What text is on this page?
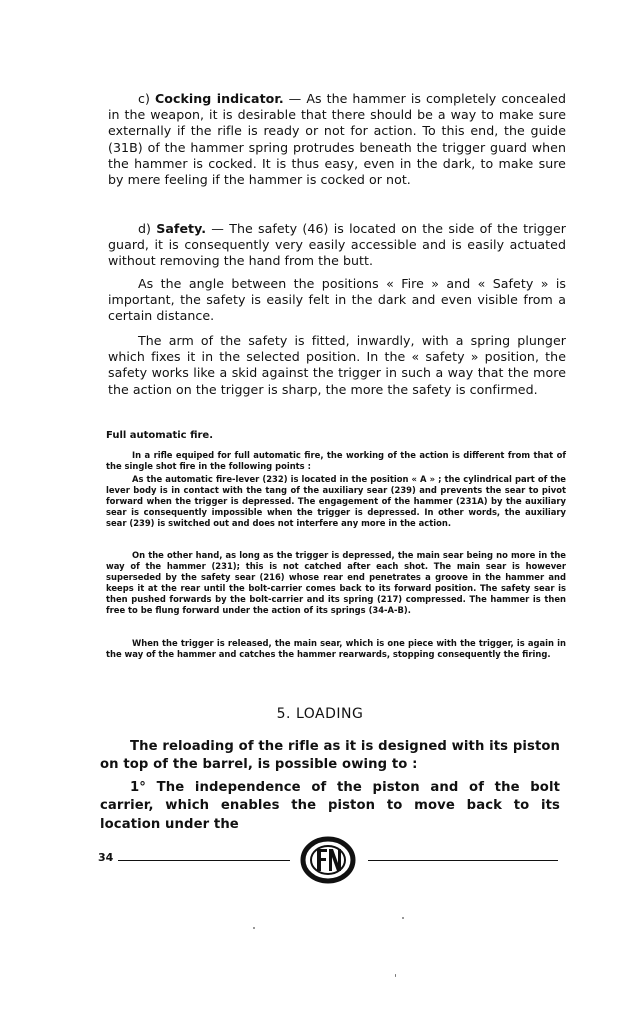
c) Cocking indicator. — As the hammer is completely concealed in the weapon, it is desirable that there should be a way to make sure externally if the rifle is ready or not for action. To this end, the guide (31B) of the hammer spring protrudes beneath the trigger guard when the hammer is cocked. It is thus easy, even in the dark, to make sure by mere feeling if the hammer is cocked or not.

d) Safety. — The safety (46) is located on the side of the trigger guard, it is consequently very easily accessible and is easily actuated without removing the hand from the butt.

As the angle between the positions « Fire » and « Safety » is important, the safety is easily felt in the dark and even visible from a certain distance.

The arm of the safety is fitted, inwardly, with a spring plunger which fixes it in the selected position. In the « safety » position, the safety works like a skid against the trigger in such a way that the more the action on the trigger is sharp, the more the safety is confirmed.

Full automatic fire.

In a rifle equiped for full automatic fire, the working of the action is different from that of the single shot fire in the following points :

As the automatic fire-lever (232) is located in the position « A » ; the cylindrical part of the lever body is in contact with the tang of the auxiliary sear (239) and prevents the sear to pivot forward when the trigger is depressed. The engagement of the hammer (231A) by the auxiliary sear is consequently impossible when the trigger is depressed. In other words, the auxiliary sear (239) is switched out and does not interfere any more in the action.

On the other hand, as long as the trigger is depressed, the main sear being no more in the way of the hammer (231); this is not catched after each shot. The main sear is however superseded by the safety sear (216) whose rear end penetrates a groove in the hammer and keeps it at the rear until the bolt-carrier comes back to its forward position. The safety sear is then pushed forwards by the bolt-carrier and its spring (217) compressed. The hammer is then free to be flung forward under the action of its springs (34-A-B).

When the trigger is released, the main sear, which is one piece with the trigger, is again in the way of the hammer and catches the hammer rearwards, stopping consequently the firing.

5. LOADING

The reloading of the rifle as it is designed with its piston on top of the barrel, is possible owing to :

1° The independence of the piston and of the bolt carrier, which enables the piston to move back to its location under the

34
